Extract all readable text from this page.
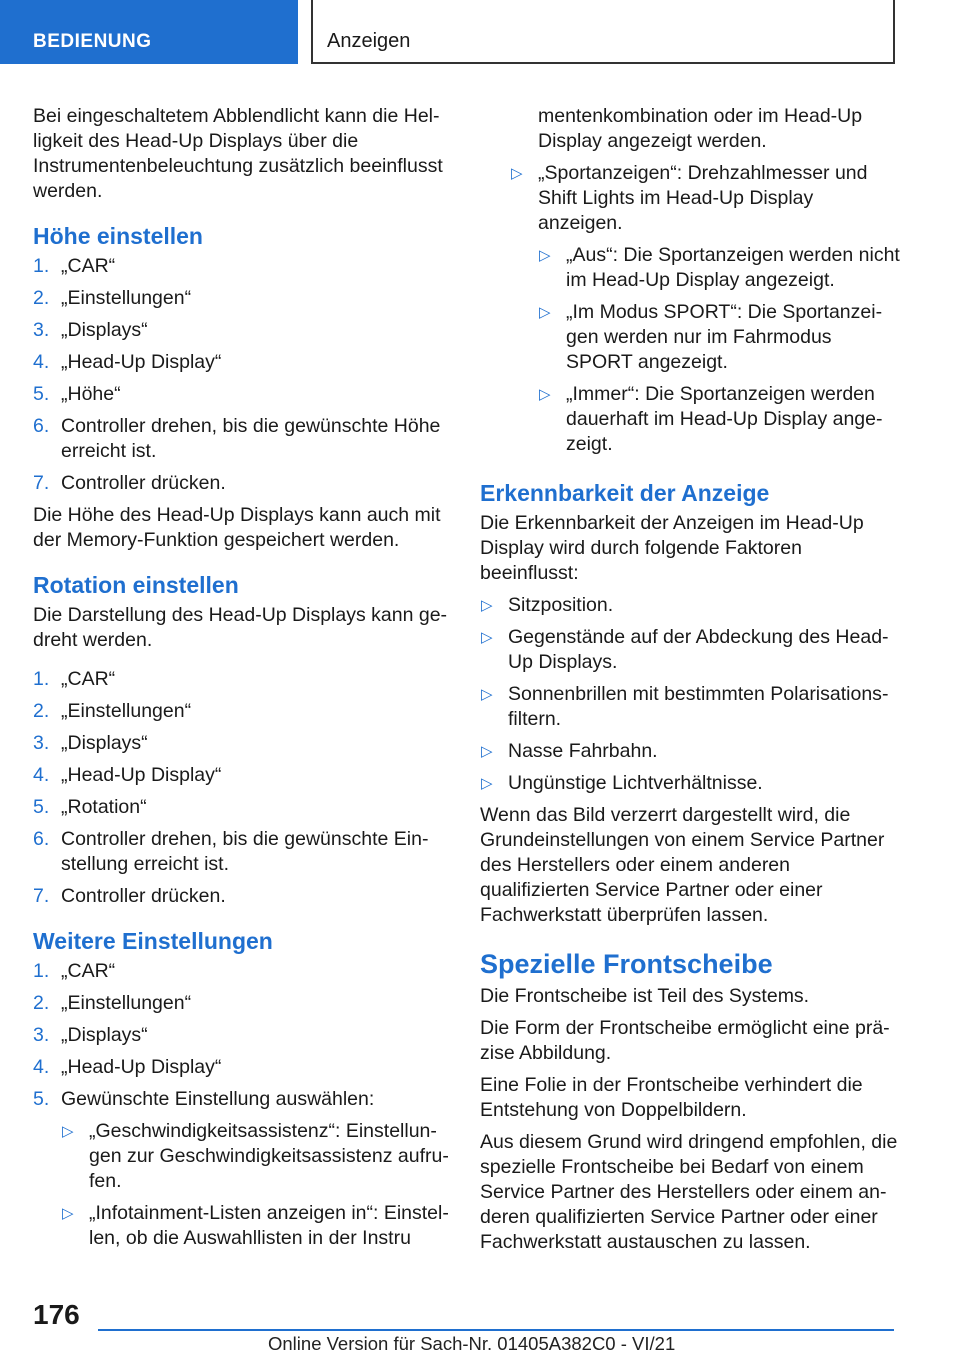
BEDIENUNG	Anzeigen

Bei eingeschaltetem Abblendlicht kann die Helligkeit des Head-Up Displays über die Instrumentenbeleuchtung zusätzlich beeinflusst werden.

Höhe einstellen
1. „CAR“
2. „Einstellungen“
3. „Displays“
4. „Head-Up Display“
5. „Höhe“
6. Controller drehen, bis die gewünschte Höhe erreicht ist.
7. Controller drücken.

Die Höhe des Head-Up Displays kann auch mit der Memory-Funktion gespeichert werden.

Rotation einstellen

Die Darstellung des Head-Up Displays kann gedreht werden.

1. „CAR“
2. „Einstellungen“
3. „Displays“
4. „Head-Up Display“
5. „Rotation“
6. Controller drehen, bis die gewünschte Einstellung erreicht ist.
7. Controller drücken.
Weitere Einstellungen
1. „CAR“
2. „Einstellungen“
3. „Displays“
4. „Head-Up Display“
5. Gewünschte Einstellung auswählen:
▷ „Geschwindigkeitsassistenz“: Einstellungen zur Geschwindigkeitsassistenz aufrufen.
▷ „Infotainment-Listen anzeigen in“: Einstellen, ob die Auswahllisten in der Instru

mentenkombination oder im Head-Up Display angezeigt werden.

▷ „Sportanzeigen“: Drehzahlmesser und Shift Lights im Head-Up Display anzeigen.
▷ „Aus“: Die Sportanzeigen werden nicht im Head-Up Display angezeigt.
▷ „Im Modus SPORT“: Die Sportanzeigen werden nur im Fahrmodus SPORT angezeigt.
▷ „Immer“: Die Sportanzeigen werden dauerhaft im Head-Up Display angezeigt.
Erkennbarkeit der Anzeige

Die Erkennbarkeit der Anzeigen im Head-Up Display wird durch folgende Faktoren beeinflusst:

▷ Sitzposition.
▷ Gegenstände auf der Abdeckung des Head-Up Displays.
▷ Sonnenbrillen mit bestimmten Polarisationsfiltern.
▷ Nasse Fahrbahn.
▷ Ungünstige Lichtverhältnisse.

Wenn das Bild verzerrt dargestellt wird, die Grundeinstellungen von einem Service Partner des Herstellers oder einem anderen qualifizierten Service Partner oder einer Fachwerkstatt überprüfen lassen.

Spezielle Frontscheibe

Die Frontscheibe ist Teil des Systems.

Die Form der Frontscheibe ermöglicht eine präzise Abbildung.

Eine Folie in der Frontscheibe verhindert die Entstehung von Doppelbildern.

Aus diesem Grund wird dringend empfohlen, die spezielle Frontscheibe bei Bedarf von einem Service Partner des Herstellers oder einem anderen qualifizierten Service Partner oder einer Fachwerkstatt austauschen zu lassen.

176
Online Version für Sach-Nr. 01405A382C0 - VI/21
